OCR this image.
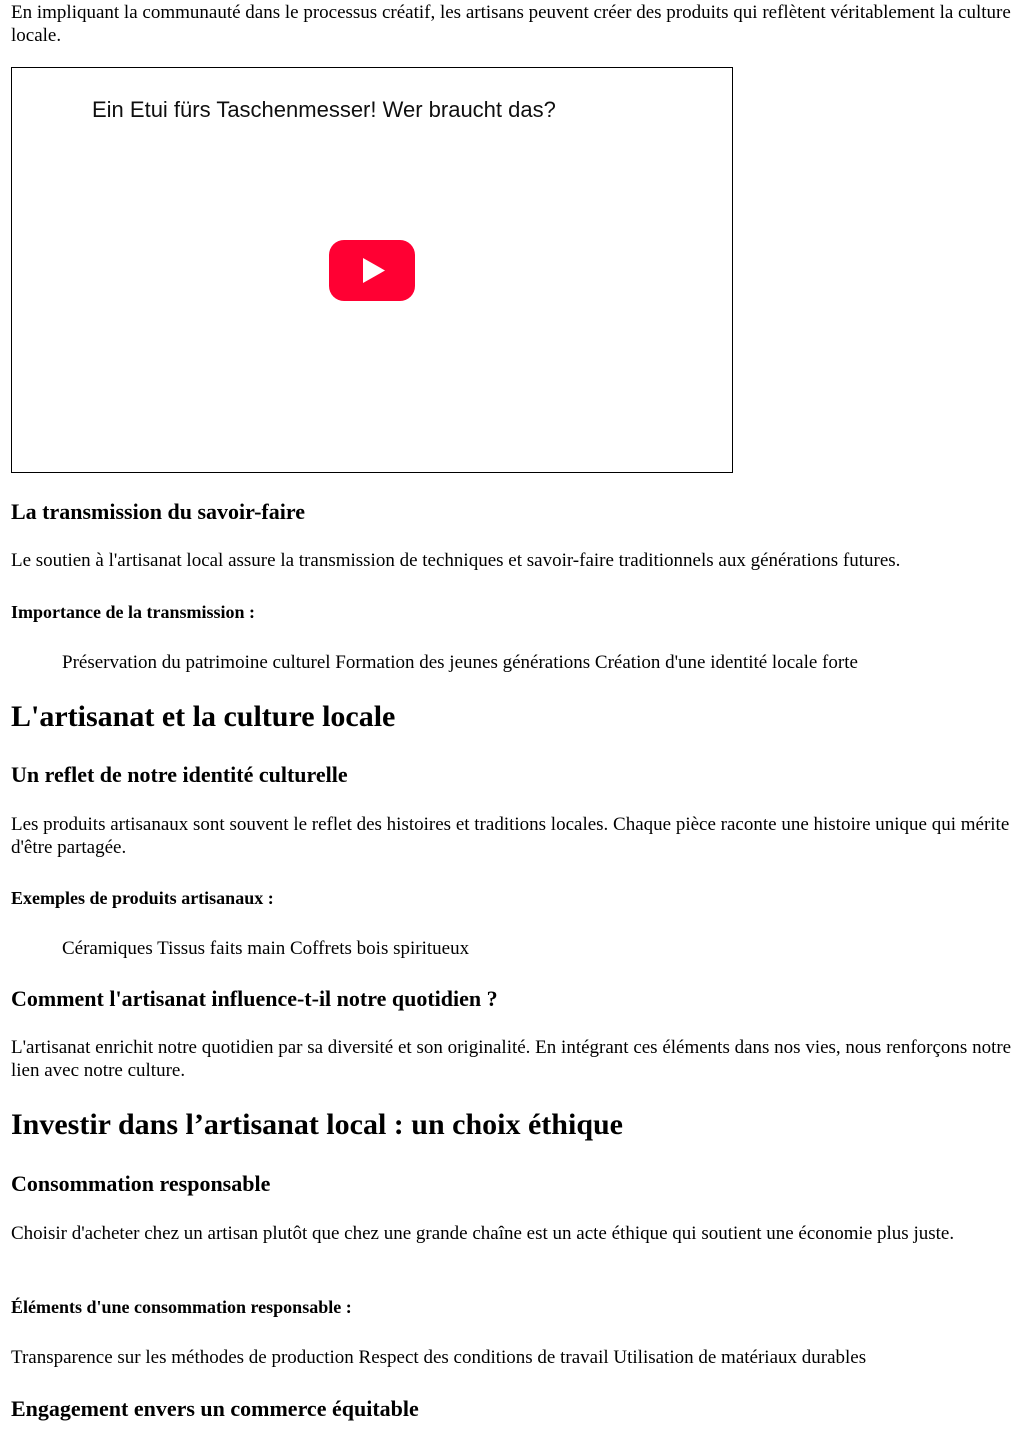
En impliquant la communauté dans le processus créatif, les artisans peuvent créer des produits qui reflètent véritablement la culture locale.

Ein Etui fürs Taschenmesser! Wer braucht das?
La transmission du savoir-faire

Le soutien à l'artisanat local assure la transmission de techniques et savoir-faire traditionnels aux générations futures.

Importance de la transmission :

Préservation du patrimoine culturel Formation des jeunes générations Création d'une identité locale forte

L'artisanat et la culture locale
Un reflet de notre identité culturelle

Les produits artisanaux sont souvent le reflet des histoires et traditions locales. Chaque pièce raconte une histoire unique qui mérite d'être partagée.

Exemples de produits artisanaux :

Céramiques Tissus faits main Coffrets bois spiritueux

Comment l'artisanat influence-t-il notre quotidien ?

L'artisanat enrichit notre quotidien par sa diversité et son originalité. En intégrant ces éléments dans nos vies, nous renforçons notre lien avec notre culture.

Investir dans l’artisanat local : un choix éthique
Consommation responsable

Choisir d'acheter chez un artisan plutôt que chez une grande chaîne est un acte éthique qui soutient une économie plus juste.

Éléments d'une consommation responsable :

Transparence sur les méthodes de production Respect des conditions de travail Utilisation de matériaux durables

Engagement envers un commerce équitable
